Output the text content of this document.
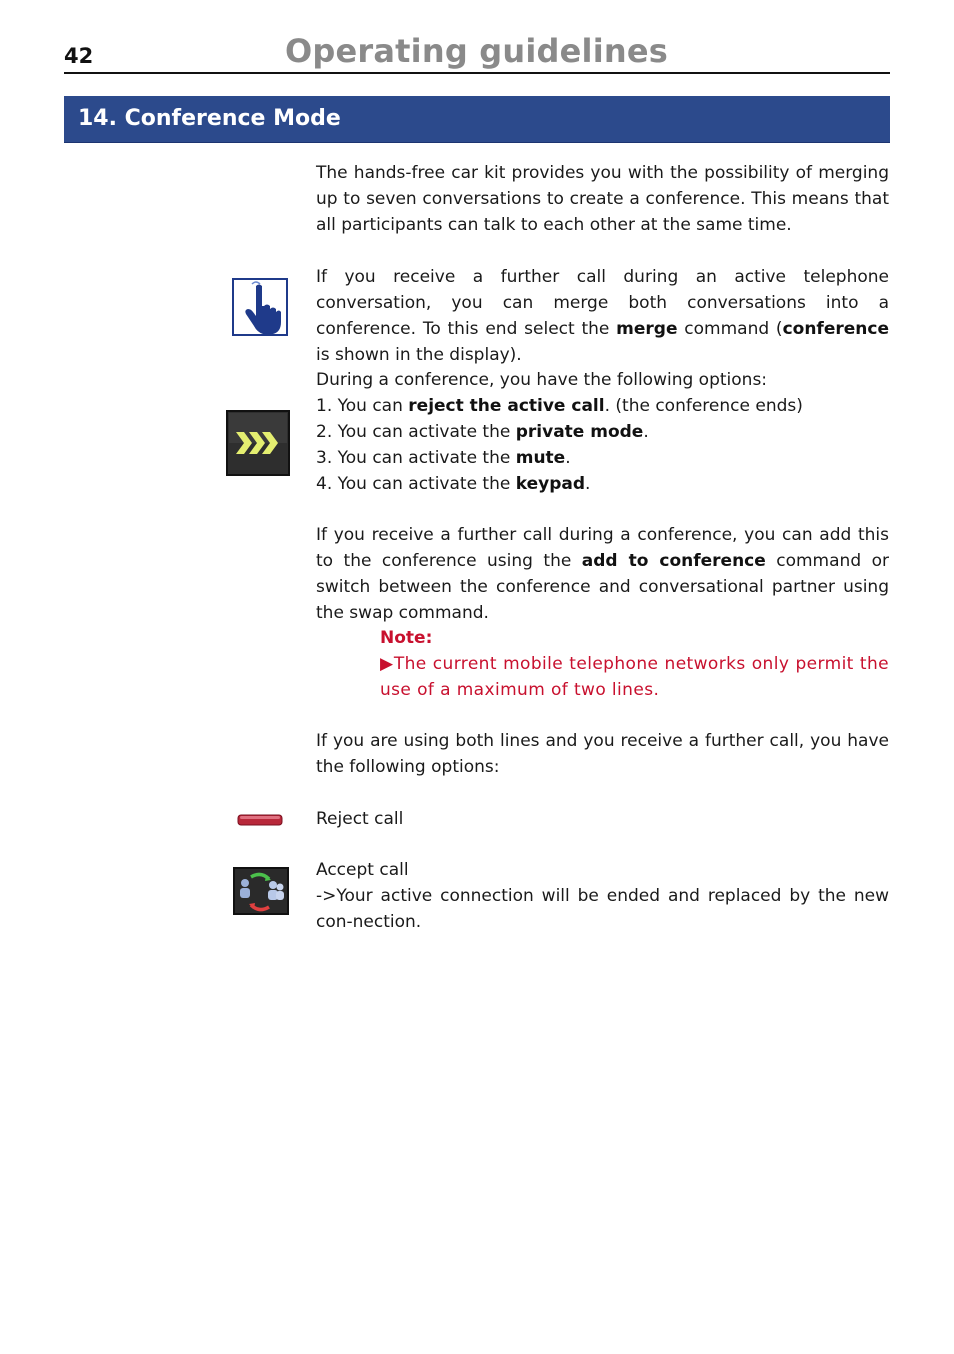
42	Operating guidelines
14. Conference Mode

The hands-free car kit provides you with the possibility of merging up to seven conversations to create a conference. This means that all participants can talk to each other at the same time.

If you receive a further call during an active telephone conversation, you can merge both conversations into a conference. To this end select the merge command (conference is shown in the display).

During a conference, you have the following options:
1. You can reject the active call. (the conference ends)
2. You can activate the private mode.
3. You can activate the mute.
4. You can activate the keypad.

If you receive a further call during a conference, you can add this to the conference using the add to conference command or switch between the conference and conversational partner using the swap command.

Note:
▶The current mobile telephone networks only permit the use of a maximum of two lines.

If you are using both lines and you receive a further call, you have the following options:

Reject call
Accept call
->Your active connection will be ended and replaced by the new con-nection.
